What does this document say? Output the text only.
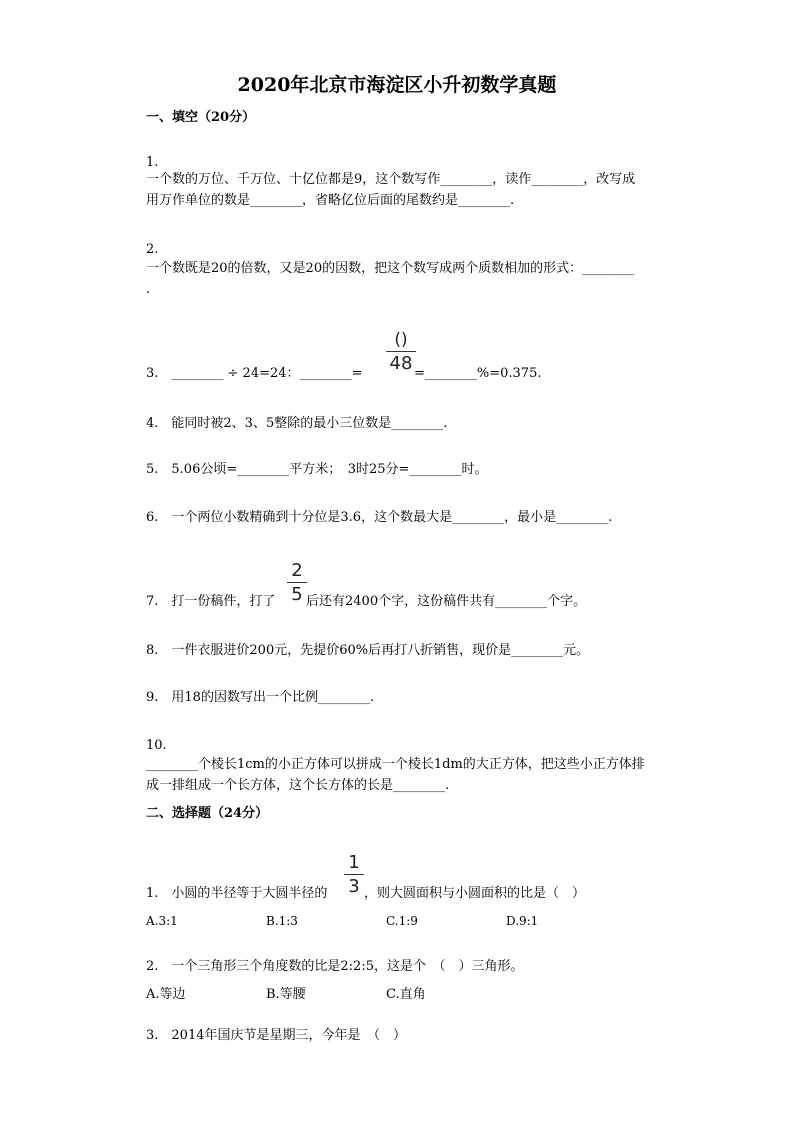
2020年北京市海淀区小升初数学真题
一、填空（20分）
1.
一个数的万位、千万位、十亿位都是9，这个数写作________，读作________，改写成
用万作单位的数是________，省略亿位后面的尾数约是________.
2.
一个数既是20的倍数，又是20的因数，把这个数写成两个质数相加的形式：________
.
3.　________ ÷ 24=24：________=
()
48 =________%=0.375.
4.　能同时被2、3、5整除的最小三位数是________.
5.　5.06公顷=________平方米；　3时25分=________时。
6.　一个两位小数精确到十分位是3.6，这个数最大是________，最小是________.
7.　打一份稿件，打了
2
5 后还有2400个字，这份稿件共有________个字。
8.　一件衣服进价200元，先提价60%后再打八折销售，现价是________元。
9.　用18的因数写出一个比例________.
10.
________个棱长1cm的小正方体可以拼成一个棱长1dm的大正方体，把这些小正方体排
成一排组成一个长方体，这个长方体的长是________.
二、选择题（24分）
1.　小圆的半径等于大圆半径的
1
3 ，则大圆面积与小圆面积的比是（　）
A.3:1	B.1:3	C.1:9	D.9:1
2.　一个三角形三个角度数的比是2:2:5，这是个　（　）三角形。
A.等边	B.等腰	C.直角
3.　2014年国庆节是星期三，今年是　（　）
